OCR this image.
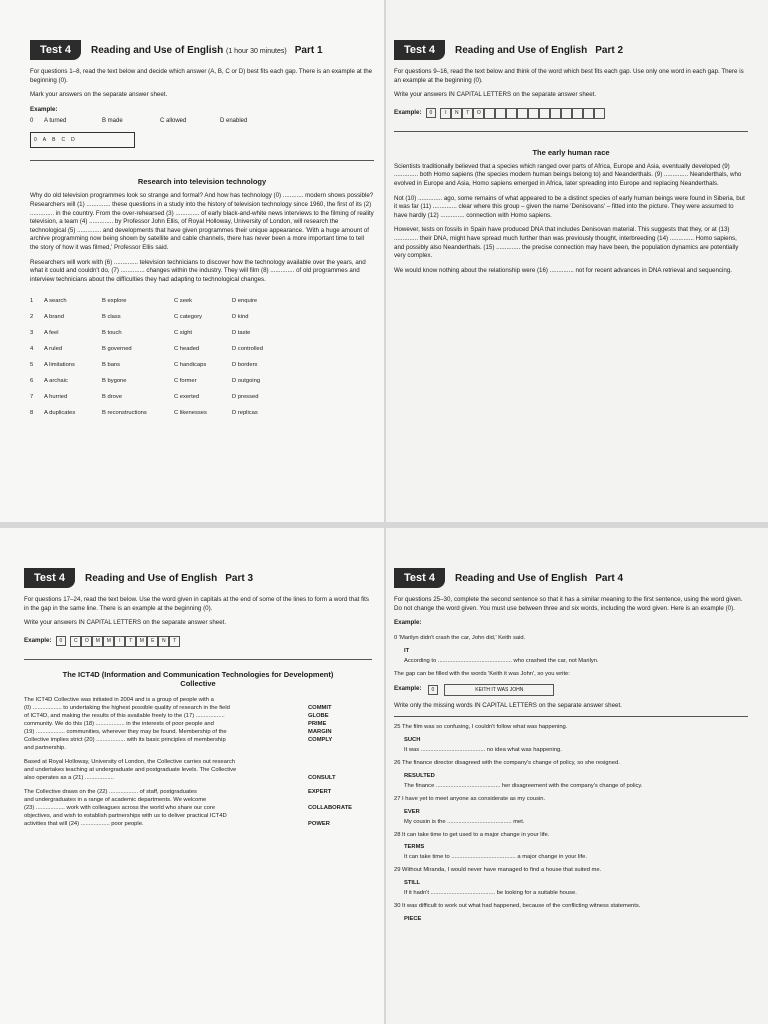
Test 4	Reading and Use of English (1 hour 30 minutes) Part 1

For questions 1–8, read the text below and decide which answer (A, B, C or D) best fits each gap. There is an example at the beginning (0).

Mark your answers on the separate answer sheet.

Example:

0	A turned	B made	C allowed	D enabled
0 A B C D
Research into television technology

Why do old television programmes look so strange and formal? And how has technology (0) ............ modern shows possible? Researchers will (1) .............. these questions in a study into the history of television technology since 1960, the first of its (2) .............. in the country. From the over-rehearsed (3) .............. of early black-and-white news interviews to the filming of reality television, a team (4) .............. by Professor John Ellis, of Royal Holloway, University of London, will research the technological (5) .............. and developments that have given programmes their unique appearance. 'With a huge amount of archive programming now being shown by satellite and cable channels, there has never been a more important time to tell the story of how it was filmed,' Professor Ellis said.

Researchers will work with (6) .............. television technicians to discover how the technology available over the years, and what it could and couldn't do, (7) .............. changes within the industry. They will film (8) .............. of old programmes and interview technicians about the difficulties they had adapting to technological changes.

1	A search	B explore	C seek	D enquire
2	A brand	B class	C category	D kind
3	A feel	B touch	C sight	D taste
4	A ruled	B governed	C headed	D controlled
5	A limitations	B bans	C handicaps	D borders
6	A archaic	B bygone	C former	D outgoing
7	A hurried	B drove	C exerted	D pressed
8	A duplicates	B reconstructions	C likenesses	D replicas
Test 4	Reading and Use of English Part 2

For questions 9–16, read the text below and think of the word which best fits each gap. Use only one word in each gap. There is an example at the beginning (0).

Write your answers IN CAPITAL LETTERS on the separate answer sheet.

Example:	0	I	N	T	O
The early human race

Scientists traditionally believed that a species which ranged over parts of Africa, Europe and Asia, eventually developed (9) .............. both Homo sapiens (the species modern human beings belong to) and Neanderthals. (9) .............. Neanderthals, who evolved in Europe and Asia, Homo sapiens emerged in Africa, later spreading into Europe and replacing Neanderthals.

Not (10) .............. ago, some remains of what appeared to be a distinct species of early human beings were found in Siberia, but it was far (11) .............. clear where this group – given the name 'Denisovans' – fitted into the picture. They were assumed to have hardly (12) .............. connection with Homo sapiens.

However, tests on fossils in Spain have produced DNA that includes Denisovan material. This suggests that they, or at (13) .............. their DNA, might have spread much further than was previously thought, interbreeding (14) .............. Homo sapiens, and possibly also Neanderthals. (15) .............. the precise connection may have been, the population dynamics are potentially very complex.

We would know nothing about the relationship were (16) .............. not for recent advances in DNA retrieval and sequencing.

Test 4	Reading and Use of English Part 3

For questions 17–24, read the text below. Use the word given in capitals at the end of some of the lines to form a word that fits in the gap in the same line. There is an example at the beginning (0).

Write your answers IN CAPITAL LETTERS on the separate answer sheet.

Example:	0	C	O	M	M	I	T	M	E	N	T
The ICT4D (Information and Communication Technologies for Development) Collective
The ICT4D Collective was initiated in 2004 and is a group of people with a
(0) .................. to undertaking the highest possible quality of research in the field	COMMIT
of ICT4D, and making the results of this available freely to the (17) ..................	GLOBE
community. We do this (18) .................. in the interests of poor people and	PRIME
(19) .................. communities, wherever they may be found. Membership of the	MARGIN
Collective implies strict (20) .................. with its basic principles of membership	COMPLY
and partnership.
Based at Royal Holloway, University of London, the Collective carries out research
and undertakes teaching at undergraduate and postgraduate levels. The Collective
also operates as a (21) ..................	CONSULT
The Collective draws on the (22) .................. of staff, postgraduates	EXPERT
and undergraduates in a range of academic departments. We welcome
(23) .................. work with colleagues across the world who share our core	COLLABORATE
objectives, and wish to establish partnerships with us to deliver practical ICT4D
activities that will (24) .................. poor people.	POWER
Test 4	Reading and Use of English Part 4

For questions 25–30, complete the second sentence so that it has a similar meaning to the first sentence, using the word given. Do not change the word given. You must use between three and six words, including the word given. Here is an example (0).

Example:

0 'Marilyn didn't crash the car, John did,' Keith said.

IT

According to .............................................. who crashed the car, not Marilyn.

The gap can be filled with the words 'Keith it was John', so you write:

Example:	0	KEITH IT WAS JOHN

Write only the missing words IN CAPITAL LETTERS on the separate answer sheet.

25 The film was so confusing, I couldn't follow what was happening.

SUCH

It was ........................................ no idea what was happening.

26 The finance director disagreed with the company's change of policy, so she resigned.

RESULTED

The finance ........................................ her disagreement with the company's change of policy.

27 I have yet to meet anyone as considerate as my cousin.

EVER

My cousin is the ........................................ met.

28 It can take time to get used to a major change in your life.

TERMS

It can take time to ........................................ a major change in your life.

29 Without Miranda, I would never have managed to find a house that suited me.

STILL

If it hadn't ........................................ be looking for a suitable house.

30 It was difficult to work out what had happened, because of the conflicting witness statements.

PIECE
